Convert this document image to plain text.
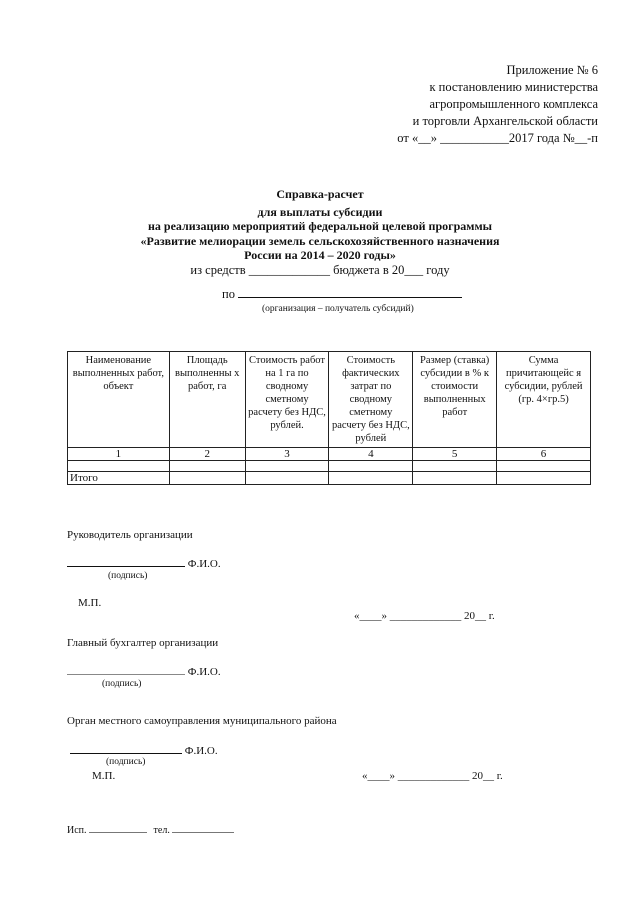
Приложение № 6
к постановлению министерства
агропромышленного комплекса
и торговли Архангельской области
от «__» ___________2017 года №__-п
Справка-расчет
для выплаты субсидии
на реализацию мероприятий федеральной целевой программы
«Развитие мелиорации земель сельскохозяйственного назначения
России на 2014 – 2020 годы»
из средств _____________ бюджета в 20___ году
по
(организация – получатель субсидий)
Наименование выполненных работ, объект	Площадь выполненны х работ, га	Стоимость работ на 1 га по сводному сметному расчету без НДС, рублей.	Стоимость фактических затрат по сводному сметному расчету без НДС, рублей	Размер (ставка) субсидии в % к стоимости выполненных работ	Сумма причитающейс я субсидии, рублей (гр. 4×гр.5)
1	2	3	4	5	6

Итого					
Руководитель организации
Ф.И.О.
(подпись)
М.П.
«____» _____________ 20__ г.
Главный бухгалтер организации
Ф.И.О.
(подпись)
Орган местного самоуправления муниципального района
Ф.И.О.
(подпись)
М.П.	«____» _____________ 20__ г.
Исп.	тел.
